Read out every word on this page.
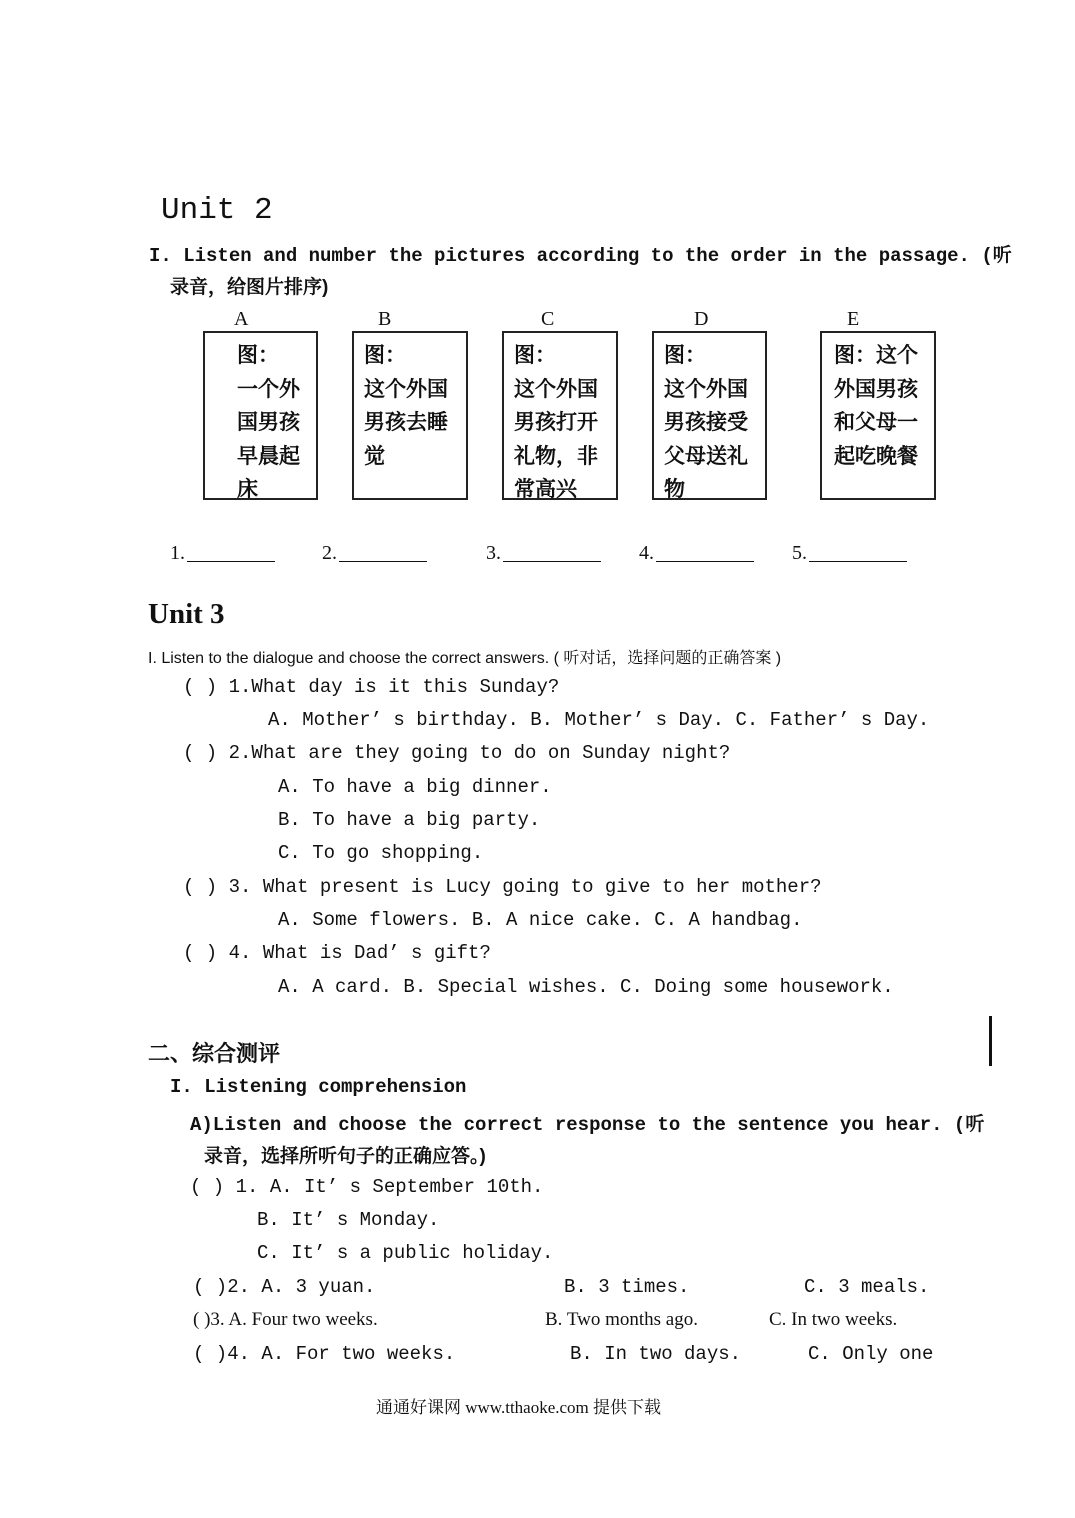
Unit 2
I. Listen and number the pictures according to the order in the passage. (听
录音，给图片排序)
A	B	C	D	E
图：
一个外
国男孩
早晨起
床
图：
这个外国
男孩去睡
觉
图：
这个外国
男孩打开
礼物，非
常高兴
图：
这个外国
男孩接受
父母送礼
物
图：这个
外国男孩
和父母一
起吃晚餐
1.	2.	3.	4.	5.
Unit 3
I. Listen to the dialogue and choose the correct answers. ( 听对话，选择问题的正确答案 )
( ) 1.What day is it this Sunday?
A. Mother’ s birthday. B. Mother’ s Day. C. Father’ s Day.
( ) 2.What are they going to do on Sunday night?
A. To have a big dinner.
B. To have a big party.
C. To go shopping.
( ) 3. What present is Lucy going to give to her mother?
A. Some flowers. B. A nice cake. C. A handbag.
( ) 4. What is Dad’ s gift?
A. A card. B. Special wishes. C. Doing some housework.
二、综合测评
I. Listening comprehension
A)Listen and choose the correct response to the sentence you hear. (听
录音，选择所听句子的正确应答。)
( ) 1. A. It’ s September 10th.
B. It’ s Monday.
C. It’ s a public holiday.
( )2. A. 3 yuan.	B. 3 times.	C. 3 meals.
( )3. A. Four two weeks.	B. Two months ago.	C. In two weeks.
( )4. A. For two weeks.	B. In two days.	C. Only one
通通好课网 www.tthaoke.com 提供下载
